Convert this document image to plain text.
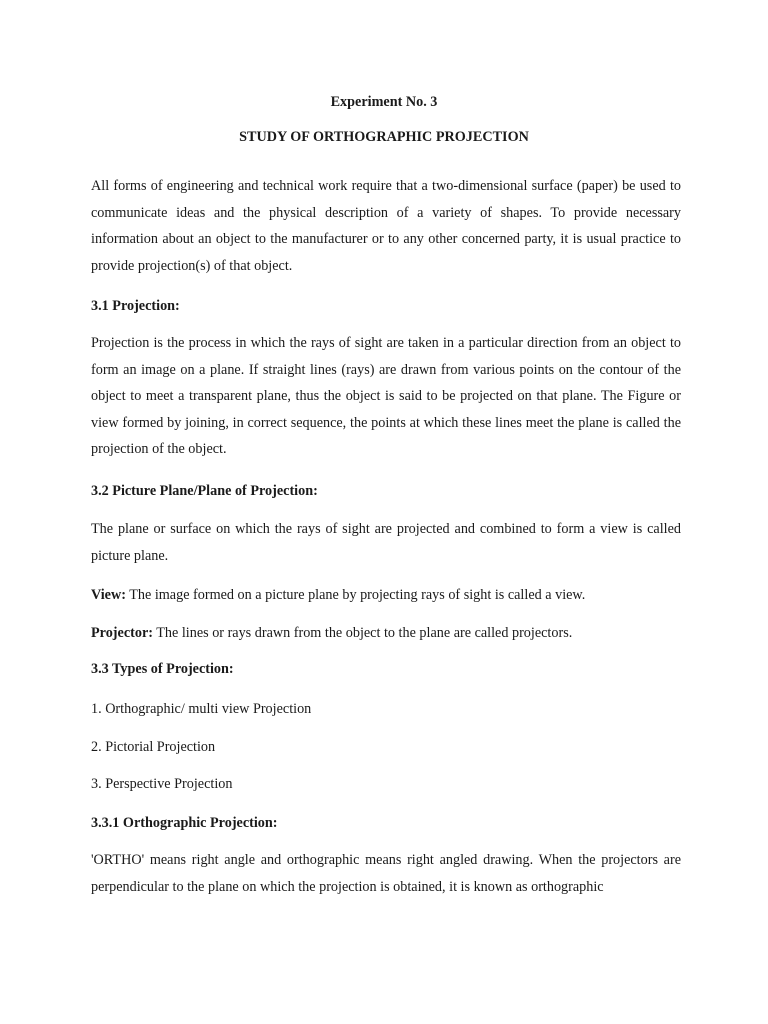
Experiment No. 3

STUDY OF ORTHOGRAPHIC PROJECTION

All forms of engineering and technical work require that a two-dimensional surface (paper) be used to communicate ideas and the physical description of a variety of shapes. To provide necessary information about an object to the manufacturer or to any other concerned party, it is usual practice to provide projection(s) of that object.

3.1 Projection:

Projection is the process in which the rays of sight are taken in a particular direction from an object to form an image on a plane. If straight lines (rays) are drawn from various points on the contour of the object to meet a transparent plane, thus the object is said to be projected on that plane. The Figure or view formed by joining, in correct sequence, the points at which these lines meet the plane is called the projection of the object.

3.2 Picture Plane/Plane of Projection:

The plane or surface on which the rays of sight are projected and combined to form a view is called picture plane.

View: The image formed on a picture plane by projecting rays of sight is called a view.

Projector: The lines or rays drawn from the object to the plane are called projectors.

3.3 Types of Projection:

1. Orthographic/ multi view Projection

2. Pictorial Projection

3. Perspective Projection

3.3.1 Orthographic Projection:

'ORTHO' means right angle and orthographic means right angled drawing. When the projectors are perpendicular to the plane on which the projection is obtained, it is known as orthographic
